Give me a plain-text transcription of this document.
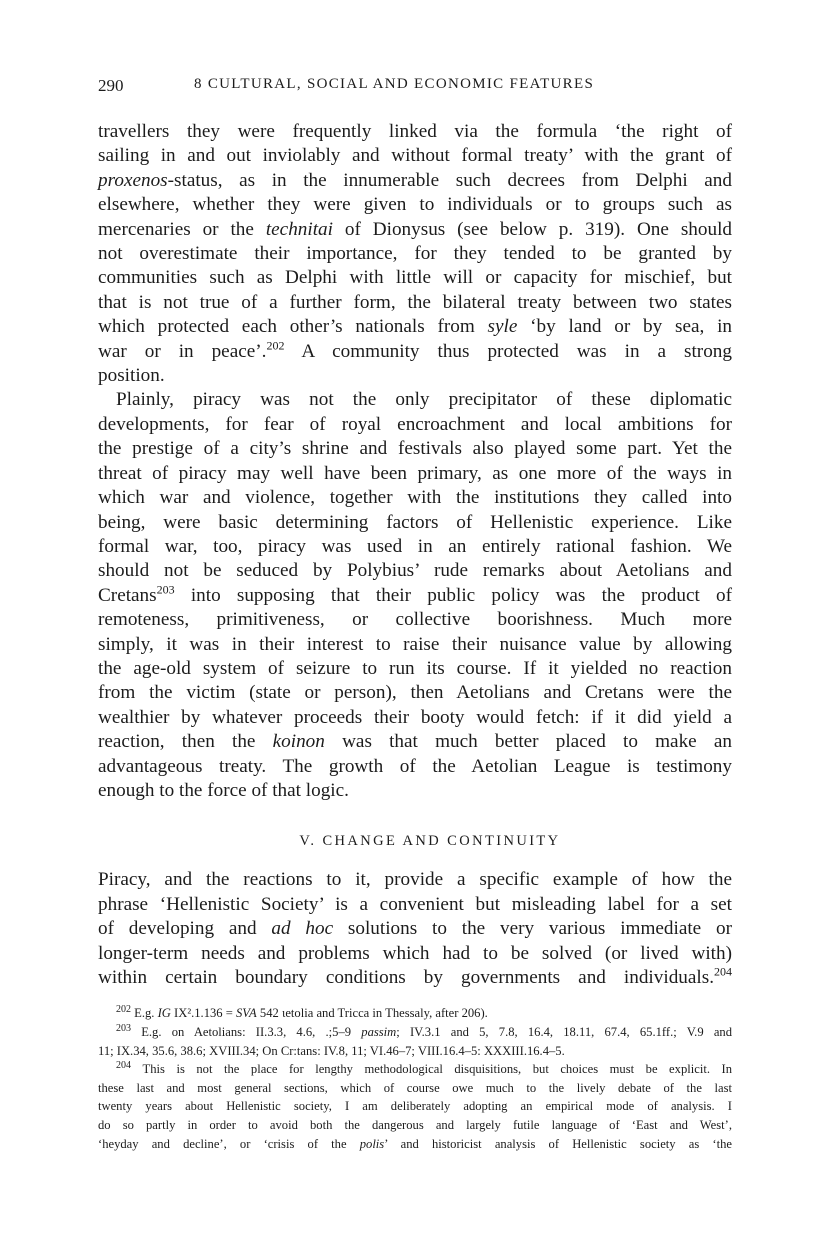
290	8 CULTURAL, SOCIAL AND ECONOMIC FEATURES
travellers they were frequently linked via the formula ‘the right of
sailing in and out inviolably and without formal treaty’ with the grant of
proxenos-status, as in the innumerable such decrees from Delphi and
elsewhere, whether they were given to individuals or to groups such as
mercenaries or the technitai of Dionysus (see below p. 319). One should
not overestimate their importance, for they tended to be granted by
communities such as Delphi with little will or capacity for mischief, but
that is not true of a further form, the bilateral treaty between two states
which protected each other’s nationals from syle ‘by land or by sea, in
war or in peace’.$^{202}$ A community thus protected was in a strong
position.
Plainly, piracy was not the only precipitator of these diplomatic
developments, for fear of royal encroachment and local ambitions for
the prestige of a city’s shrine and festivals also played some part. Yet the
threat of piracy may well have been primary, as one more of the ways in
which war and violence, together with the institutions they called into
being, were basic determining factors of Hellenistic experience. Like
formal war, too, piracy was used in an entirely rational fashion. We
should not be seduced by Polybius’ rude remarks about Aetolians and
Cretans$^{203}$ into supposing that their public policy was the product of
remoteness, primitiveness, or collective boorishness. Much more
simply, it was in their interest to raise their nuisance value by allowing
the age-old system of seizure to run its course. If it yielded no reaction
from the victim (state or person), then Aetolians and Cretans were the
wealthier by whatever proceeds their booty would fetch: if it did yield a
reaction, then the koinon was that much better placed to make an
advantageous treaty. The growth of the Aetolian League is testimony
enough to the force of that logic.
V. CHANGE AND CONTINUITY
Piracy, and the reactions to it, provide a specific example of how the
phrase ‘Hellenistic Society’ is a convenient but misleading label for a set
of developing and ad hoc solutions to the very various immediate or
longer-term needs and problems which had to be solved (or lived with)
within certain boundary conditions by governments and individuals.$^{204}$
$^{202}$ E.g. IG IX².1.136 = SVA 542 ιetolia and Tricca in Thessaly, after 206).
$^{203}$ E.g. on Aetolians: II.3.3, 4.6, .;5–9 passim; IV.3.1 and 5, 7.8, 16.4, 18.11, 67.4, 65.1ff.; V.9 and
11; IX.34, 35.6, 38.6; XVIII.34; On Cr:tans: IV.8, 11; VI.46–7; VIII.16.4–5: XXXIII.16.4–5.
$^{204}$ This is not the place for lengthy methodological disquisitions, but choices must be explicit. In
these last and most general sections, which of course owe much to the lively debate of the last
twenty years about Hellenistic society, I am deliberately adopting an empirical mode of analysis. I
do so partly in order to avoid both the dangerous and largely futile language of ‘East and West’,
‘heyday and decline’, or ‘crisis of the polis’ and historicist analysis of Hellenistic society as ‘the
